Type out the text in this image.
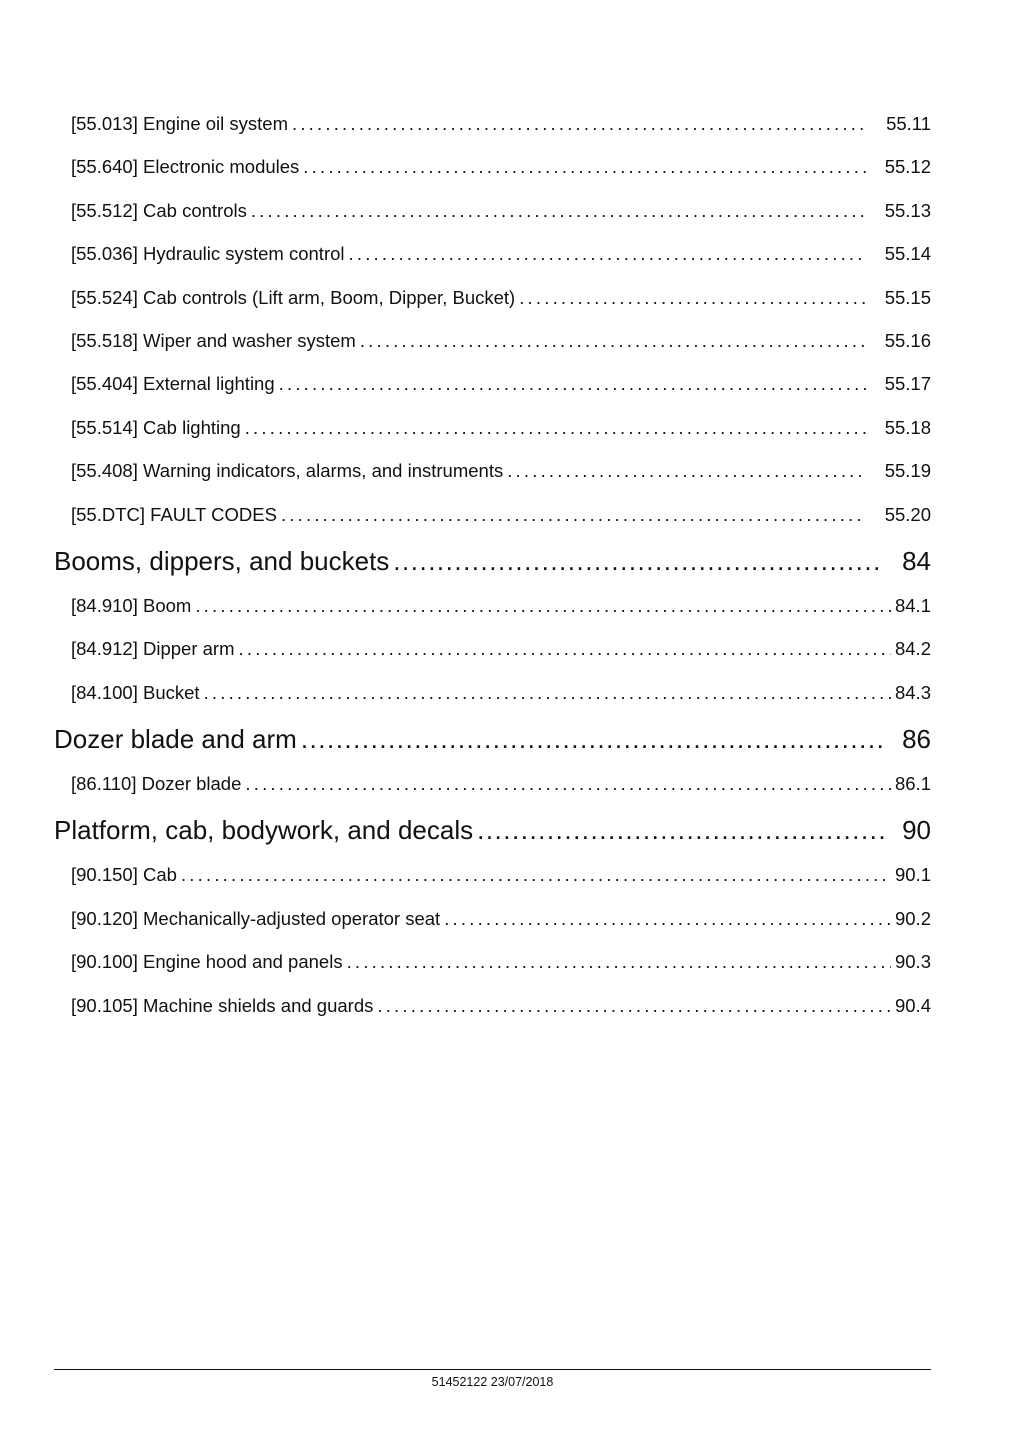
[55.013] Engine oil system .....	55.11
[55.640] Electronic modules .....	55.12
[55.512] Cab controls .....	55.13
[55.036] Hydraulic system control .....	55.14
[55.524] Cab controls (Lift arm, Boom, Dipper, Bucket) .....	55.15
[55.518] Wiper and washer system .....	55.16
[55.404] External lighting .....	55.17
[55.514] Cab lighting .....	55.18
[55.408] Warning indicators, alarms, and instruments .....	55.19
[55.DTC] FAULT CODES .....	55.20
Booms, dippers, and buckets .....	84
[84.910] Boom .....	84.1
[84.912] Dipper arm .....	84.2
[84.100] Bucket .....	84.3
Dozer blade and arm .....	86
[86.110] Dozer blade .....	86.1
Platform, cab, bodywork, and decals .....	90
[90.150] Cab .....	90.1
[90.120] Mechanically-adjusted operator seat .....	90.2
[90.100] Engine hood and panels .....	90.3
[90.105] Machine shields and guards .....	90.4
51452122 23/07/2018
